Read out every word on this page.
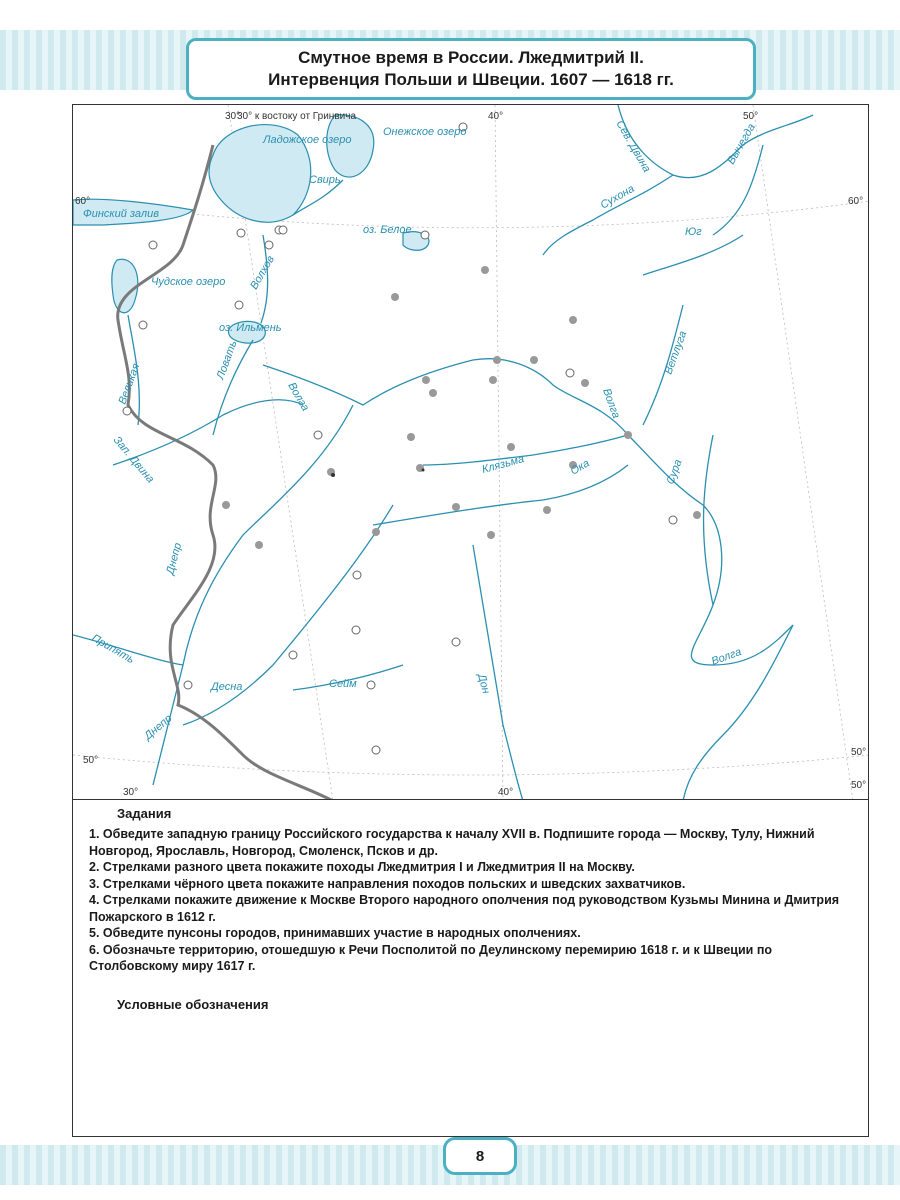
Смутное время в России. Лжедмитрий II.
Интервенция Польши и Швеции. 1607 — 1618 гг.
30°
30° к востоку от Гринвича	40°	50°
60°	60°
50°
50°
50°
30°	40°
Ладожское озеро
Онежское озеро
Финский залив
Свирь
оз. Белое
Чудское озеро Волхов
оз. Ильмень
Ловать
Великая	Волга
Зап. Двина
Днепр
Припять
Десна	Сейм
Днепр
Дон
Сев. Двина	Вычегда
Сухона
Юг
Ветлуга
Волга
Клязьма	Ока	Сура
Волга
Задания
1. Обведите западную границу Российского государства к началу XVII в. Подпишите города — Москву, Тулу, Нижний Новгород, Ярославль, Новгород, Смоленск, Псков и др.
2. Стрелками разного цвета покажите походы Лжедмитрия I и Лжедмитрия II на Москву.
3. Стрелками чёрного цвета покажите направления походов польских и шведских захватчиков.
4. Стрелками покажите движение к Москве Второго народного ополчения под руководством Кузьмы Минина и Дмитрия Пожарского в 1612 г.
5. Обведите пунсоны городов, принимавших участие в народных ополчениях.
6. Обозначьте территорию, отошедшую к Речи Посполитой по Деулинскому перемирию 1618 г. и к Швеции по Столбовскому миру 1617 г.
Условные обозначения
8
